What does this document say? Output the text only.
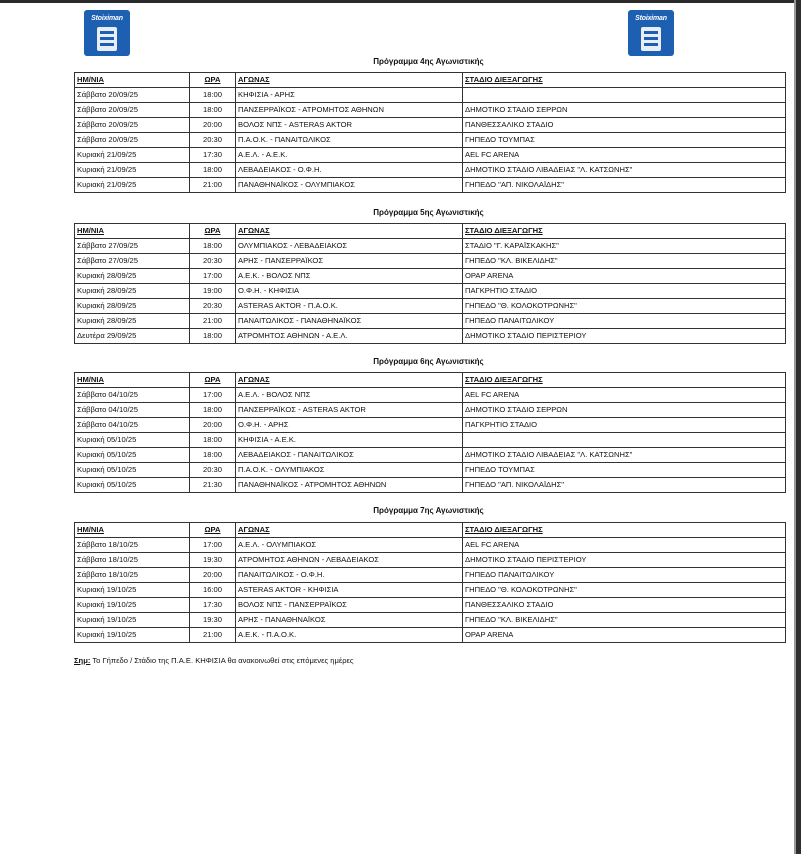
Stoiximan	Stoiximan
Πρόγραμμα 4ης Αγωνιστικής
ΗΜ/ΝΙΑ	ΩΡΑ	ΑΓΩΝΑΣ	ΣΤΑΔΙΟ ΔΙΕΞΑΓΩΓΗΣ
Σάββατο 20/09/25	18:00	ΚΗΦΙΣΙΑ - ΑΡΗΣ	
Σάββατο 20/09/25	18:00	ΠΑΝΣΕΡΡΑΪΚΟΣ - ΑΤΡΟΜΗΤΟΣ ΑΘΗΝΩΝ	ΔΗΜΟΤΙΚΟ ΣΤΑΔΙΟ ΣΕΡΡΩΝ
Σάββατο 20/09/25	20:00	ΒΟΛΟΣ ΝΠΣ - ASTERAS AKTOR	ΠΑΝΘΕΣΣΑΛΙΚΟ ΣΤΑΔΙΟ
Σάββατο 20/09/25	20:30	Π.Α.Ο.Κ. - ΠΑΝΑΙΤΩΛΙΚΟΣ	ΓΗΠΕΔΟ ΤΟΥΜΠΑΣ
Κυριακή 21/09/25	17:30	Α.Ε.Λ. - Α.Ε.Κ.	AEL FC ARENA
Κυριακή 21/09/25	18:00	ΛΕΒΑΔΕΙΑΚΟΣ - Ο.Φ.Η.	ΔΗΜΟΤΙΚΟ ΣΤΑΔΙΟ ΛΙΒΑΔΕΙΑΣ "Λ. ΚΑΤΣΩΝΗΣ"
Κυριακή 21/09/25	21:00	ΠΑΝΑΘΗΝΑΪΚΟΣ - ΟΛΥΜΠΙΑΚΟΣ	ΓΗΠΕΔΟ "ΑΠ. ΝΙΚΟΛΑΪΔΗΣ"
Πρόγραμμα 5ης Αγωνιστικής
ΗΜ/ΝΙΑ	ΩΡΑ	ΑΓΩΝΑΣ	ΣΤΑΔΙΟ ΔΙΕΞΑΓΩΓΗΣ
Σάββατο 27/09/25	18:00	ΟΛΥΜΠΙΑΚΟΣ - ΛΕΒΑΔΕΙΑΚΟΣ	ΣΤΑΔΙΟ "Γ. ΚΑΡΑΪΣΚΑΚΗΣ"
Σάββατο 27/09/25	20:30	ΑΡΗΣ - ΠΑΝΣΕΡΡΑΪΚΟΣ	ΓΗΠΕΔΟ "ΚΛ. ΒΙΚΕΛΙΔΗΣ"
Κυριακή 28/09/25	17:00	Α.Ε.Κ. - ΒΟΛΟΣ ΝΠΣ	OPAP ARENA
Κυριακή 28/09/25	19:00	Ο.Φ.Η. - ΚΗΦΙΣΙΑ	ΠΑΓΚΡΗΤΙΟ ΣΤΑΔΙΟ
Κυριακή 28/09/25	20:30	ASTERAS AKTOR - Π.Α.Ο.Κ.	ΓΗΠΕΔΟ "Θ. ΚΟΛΟΚΟΤΡΩΝΗΣ"
Κυριακή 28/09/25	21:00	ΠΑΝΑΙΤΩΛΙΚΟΣ - ΠΑΝΑΘΗΝΑΪΚΟΣ	ΓΗΠΕΔΟ ΠΑΝΑΙΤΩΛΙΚΟΥ
Δευτέρα 29/09/25	18:00	ΑΤΡΟΜΗΤΟΣ ΑΘΗΝΩΝ - Α.Ε.Λ.	ΔΗΜΟΤΙΚΟ ΣΤΑΔΙΟ ΠΕΡΙΣΤΕΡΙΟΥ
Πρόγραμμα 6ης Αγωνιστικής
ΗΜ/ΝΙΑ	ΩΡΑ	ΑΓΩΝΑΣ	ΣΤΑΔΙΟ ΔΙΕΞΑΓΩΓΗΣ
Σάββατο 04/10/25	17:00	Α.Ε.Λ. - ΒΟΛΟΣ ΝΠΣ	AEL FC ARENA
Σάββατο 04/10/25	18:00	ΠΑΝΣΕΡΡΑΪΚΟΣ - ASTERAS AKTOR	ΔΗΜΟΤΙΚΟ ΣΤΑΔΙΟ ΣΕΡΡΩΝ
Σάββατο 04/10/25	20:00	Ο.Φ.Η. - ΑΡΗΣ	ΠΑΓΚΡΗΤΙΟ ΣΤΑΔΙΟ
Κυριακή 05/10/25	18:00	ΚΗΦΙΣΙΑ - Α.Ε.Κ.	
Κυριακή 05/10/25	18:00	ΛΕΒΑΔΕΙΑΚΟΣ - ΠΑΝΑΙΤΩΛΙΚΟΣ	ΔΗΜΟΤΙΚΟ ΣΤΑΔΙΟ ΛΙΒΑΔΕΙΑΣ "Λ. ΚΑΤΣΩΝΗΣ"
Κυριακή 05/10/25	20:30	Π.Α.Ο.Κ. - ΟΛΥΜΠΙΑΚΟΣ	ΓΗΠΕΔΟ ΤΟΥΜΠΑΣ
Κυριακή 05/10/25	21:30	ΠΑΝΑΘΗΝΑΪΚΟΣ - ΑΤΡΟΜΗΤΟΣ ΑΘΗΝΩΝ	ΓΗΠΕΔΟ "ΑΠ. ΝΙΚΟΛΑΪΔΗΣ"
Πρόγραμμα 7ης Αγωνιστικής
ΗΜ/ΝΙΑ	ΩΡΑ	ΑΓΩΝΑΣ	ΣΤΑΔΙΟ ΔΙΕΞΑΓΩΓΗΣ
Σάββατο 18/10/25	17:00	Α.Ε.Λ. - ΟΛΥΜΠΙΑΚΟΣ	AEL FC ARENA
Σάββατο 18/10/25	19:30	ΑΤΡΟΜΗΤΟΣ ΑΘΗΝΩΝ - ΛΕΒΑΔΕΙΑΚΟΣ	ΔΗΜΟΤΙΚΟ ΣΤΑΔΙΟ ΠΕΡΙΣΤΕΡΙΟΥ
Σάββατο 18/10/25	20:00	ΠΑΝΑΙΤΩΛΙΚΟΣ - Ο.Φ.Η.	ΓΗΠΕΔΟ ΠΑΝΑΙΤΩΛΙΚΟΥ
Κυριακή 19/10/25	16:00	ASTERAS AKTOR - ΚΗΦΙΣΙΑ	ΓΗΠΕΔΟ "Θ. ΚΟΛΟΚΟΤΡΩΝΗΣ"
Κυριακή 19/10/25	17:30	ΒΟΛΟΣ ΝΠΣ - ΠΑΝΣΕΡΡΑΪΚΟΣ	ΠΑΝΘΕΣΣΑΛΙΚΟ ΣΤΑΔΙΟ
Κυριακή 19/10/25	19:30	ΑΡΗΣ - ΠΑΝΑΘΗΝΑΪΚΟΣ	ΓΗΠΕΔΟ "ΚΛ. ΒΙΚΕΛΙΔΗΣ"
Κυριακή 19/10/25	21:00	Α.Ε.Κ. - Π.Α.Ο.Κ.	OPAP ARENA
Σημ: Το Γήπεδο / Στάδιο της Π.Α.Ε. ΚΗΦΙΣΙΑ θα ανακοινωθεί στις επόμενες ημέρες
